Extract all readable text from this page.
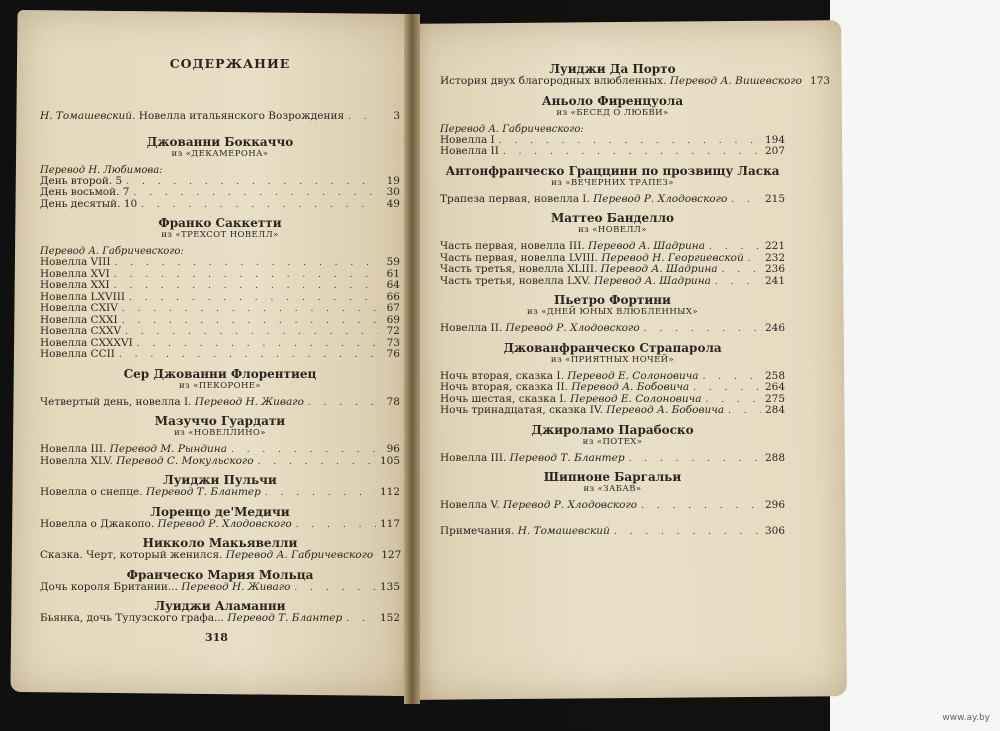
СОДЕРЖАНИЕ
Н. Томашевский. Новелла итальянского Возрождения . . .	3
Джованни Боккаччо
из «ДЕКАМЕРОНА»
Перевод Н. Любимова:
День второй. 5 . . .	19
День восьмой. 7 . . .	30
День десятый. 10 . . .	49
Франко Саккетти
из «ТРЕХСОТ НОВЕЛЛ»
Перевод А. Габричевского:
Новелла VIII . . .	59
Новелла XVI . . .	61
Новелла XXI . . .	64
Новелла LXVIII . . .	66
Новелла CXIV . . .	67
Новелла CXXI . . .	69
Новелла CXXV . . .	72
Новелла CXXXVI . . .	73
Новелла CCII . . .	76
Сер Джованни Флорентиец
из «ПЕКОРОНЕ»
Четвертый день, новелла I. Перевод Н. Живаго . . .	78
Мазуччо Гуардати
из «НОВЕЛЛИНО»
Новелла III. Перевод М. Рындина . . .	96
Новелла XLV. Перевод С. Мокульского . . .	105
Луиджи Пульчи
Новелла о снепце. Перевод Т. Блантер . . .	112
Лоренцо де'Медичи
Новелла о Джакопо. Перевод Р. Хлодовского . . .	117
Никколо Макьявелли
Сказка. Черт, который женился. Перевод А. Габричевского 127
Франческо Мария Мольца
Дочь короля Британии... Перевод Н. Живаго . . .	135
Луиджи Аламанни
Бьянка, дочь Тулузского графа... Перевод Т. Блантер . . .	152
318
Луиджи Да Порто
История двух благородных влюбленных. Перевод А. Вишевского 173
Аньоло Фиренцуола
из «БЕСЕД О ЛЮБВИ»
Перевод А. Габричевского:
Новелла I . . .	194
Новелла II . . .	207
Антонфранческо Граццини по прозвищу Ласка
из «ВЕЧЕРНИХ ТРАПЕЗ»
Трапеза первая, новелла I. Перевод Р. Хлодовского . . .	215
Маттео Банделло
из «НОВЕЛЛ»
Часть первая, новелла III. Перевод А. Шадрина . . .	221
Часть первая, новелла LVIII. Перевод Н. Георгиевской . . . 232
Часть третья, новелла XLIII. Перевод А. Шадрина . . .	236
Часть третья, новелла LXV. Перевод А. Шадрина . . .	241
Пьетро Фортини
из «ДНЕЙ ЮНЫХ ВЛЮБЛЕННЫХ»
Новелла II. Перевод Р. Хлодовского . . .	246
Джованфранческо Страпарола
из «ПРИЯТНЫХ НОЧЕЙ»
Ночь вторая, сказка I. Перевод Е. Солоновича . . .	258
Ночь вторая, сказка II. Перевод А. Бобовича . . .	264
Ночь шестая, сказка I. Перевод Е. Солоновича . . .	275
Ночь тринадцатая, сказка IV. Перевод А. Бобовича . . .	284
Джироламо Парабоско
из «ПОТЕХ»
Новелла III. Перевод Т. Блантер . . .	288
Шипионе Баргальи
из «ЗАБАВ»
Новелла V. Перевод Р. Хлодовского . . .	296
Примечания. Н. Томашевский . . .	306
www.ay.by
